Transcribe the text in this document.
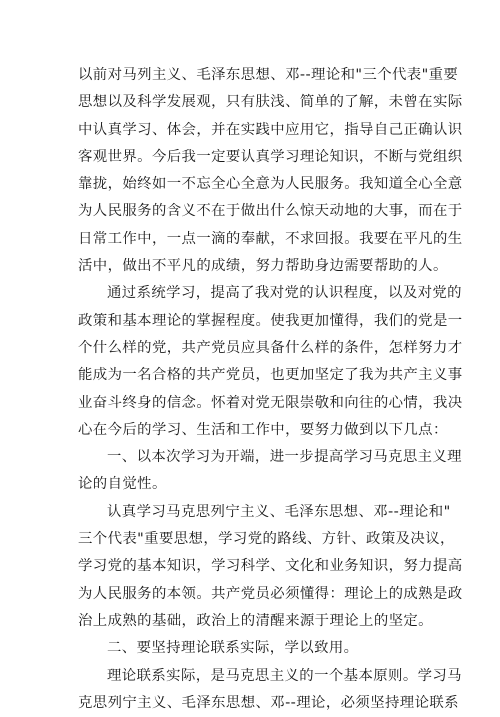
以前对马列主义、毛泽东思想、邓--理论和"三个代表"重要
思想以及科学发展观，只有肤浅、简单的了解，未曾在实际
中认真学习、体会，并在实践中应用它，指导自己正确认识
客观世界。今后我一定要认真学习理论知识，不断与党组织
靠拢，始终如一不忘全心全意为人民服务。我知道全心全意
为人民服务的含义不在于做出什么惊天动地的大事，而在于
日常工作中，一点一滴的奉献，不求回报。我要在平凡的生
活中，做出不平凡的成绩，努力帮助身边需要帮助的人。
通过系统学习，提高了我对党的认识程度，以及对党的
政策和基本理论的掌握程度。使我更加懂得，我们的党是一
个什么样的党，共产党员应具备什么样的条件，怎样努力才
能成为一名合格的共产党员，也更加坚定了我为共产主义事
业奋斗终身的信念。怀着对党无限崇敬和向往的心情，我决
心在今后的学习、生活和工作中，要努力做到以下几点：
一、以本次学习为开端，进一步提高学习马克思主义理
论的自觉性。
认真学习马克思列宁主义、毛泽东思想、邓--理论和"
三个代表"重要思想，学习党的路线、方针、政策及决议，
学习党的基本知识，学习科学、文化和业务知识，努力提高
为人民服务的本领。共产党员必须懂得：理论上的成熟是政
治上成熟的基础，政治上的清醒来源于理论上的坚定。
二、要坚持理论联系实际，学以致用。
理论联系实际，是马克思主义的一个基本原则。学习马
克思列宁主义、毛泽东思想、邓--理论，必须坚持理论联系
